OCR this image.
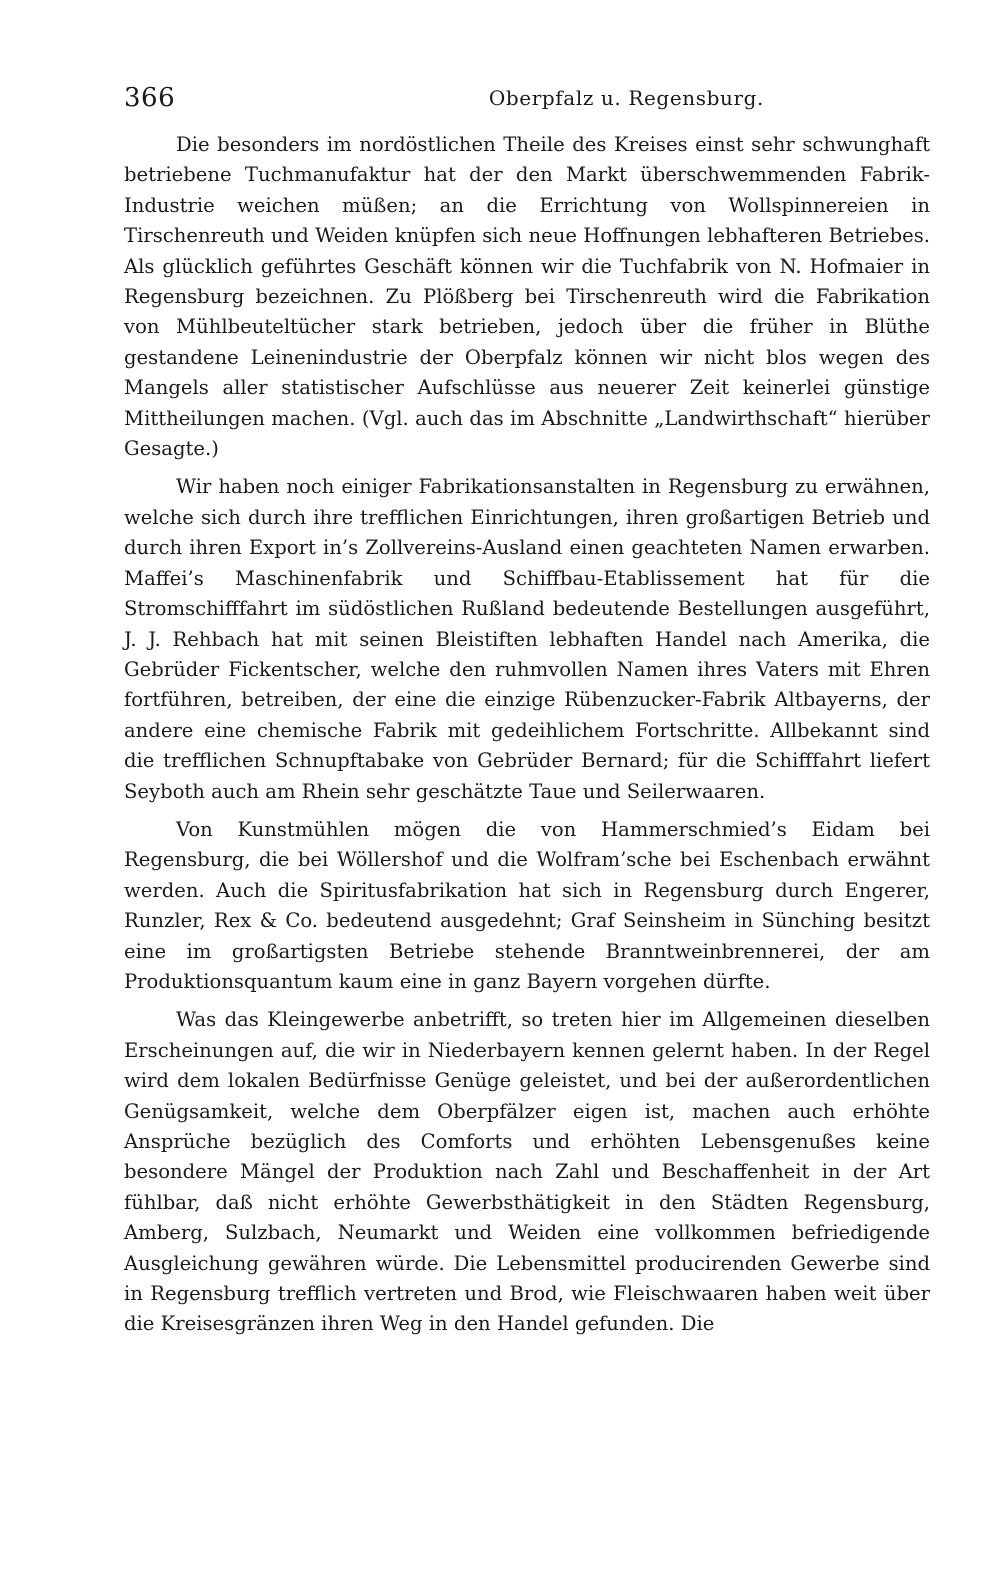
366	Oberpfalz u. Regensburg.

Die besonders im nordöstlichen Theile des Kreises einst sehr schwunghaft betriebene Tuchmanufaktur hat der den Markt überschwemmenden Fabrik-Industrie weichen müßen; an die Errichtung von Wollspinnereien in Tirschenreuth und Weiden knüpfen sich neue Hoffnungen lebhafteren Betriebes. Als glücklich geführtes Geschäft können wir die Tuchfabrik von N. Hofmaier in Regensburg bezeichnen. Zu Plößberg bei Tirschenreuth wird die Fabrikation von Mühlbeuteltücher stark betrieben, jedoch über die früher in Blüthe gestandene Leinenindustrie der Oberpfalz können wir nicht blos wegen des Mangels aller statistischer Aufschlüsse aus neuerer Zeit keinerlei günstige Mittheilungen machen. (Vgl. auch das im Abschnitte „Landwirthschaft“ hierüber Gesagte.)

Wir haben noch einiger Fabrikationsanstalten in Regensburg zu erwähnen, welche sich durch ihre trefflichen Einrichtungen, ihren großartigen Betrieb und durch ihren Export in’s Zollvereins-Ausland einen geachteten Namen erwarben. Maffei’s Maschinenfabrik und Schiffbau-Etablissement hat für die Stromschifffahrt im südöstlichen Rußland bedeutende Bestellungen ausgeführt, J. J. Rehbach hat mit seinen Bleistiften lebhaften Handel nach Amerika, die Gebrüder Fickentscher, welche den ruhmvollen Namen ihres Vaters mit Ehren fortführen, betreiben, der eine die einzige Rübenzucker-Fabrik Altbayerns, der andere eine chemische Fabrik mit gedeihlichem Fortschritte. Allbekannt sind die trefflichen Schnupftabake von Gebrüder Bernard; für die Schifffahrt liefert Seyboth auch am Rhein sehr geschätzte Taue und Seilerwaaren.

Von Kunstmühlen mögen die von Hammerschmied’s Eidam bei Regensburg, die bei Wöllershof und die Wolfram’sche bei Eschenbach erwähnt werden. Auch die Spiritusfabrikation hat sich in Regensburg durch Engerer, Runzler, Rex & Co. bedeutend ausgedehnt; Graf Seinsheim in Sünching besitzt eine im großartigsten Betriebe stehende Branntweinbrennerei, der am Produktionsquantum kaum eine in ganz Bayern vorgehen dürfte.

Was das Kleingewerbe anbetrifft, so treten hier im Allgemeinen dieselben Erscheinungen auf, die wir in Niederbayern kennen gelernt haben. In der Regel wird dem lokalen Bedürfnisse Genüge geleistet, und bei der außerordentlichen Genügsamkeit, welche dem Oberpfälzer eigen ist, machen auch erhöhte Ansprüche bezüglich des Comforts und erhöhten Lebensgenußes keine besondere Mängel der Produktion nach Zahl und Beschaffenheit in der Art fühlbar, daß nicht erhöhte Gewerbsthätigkeit in den Städten Regensburg, Amberg, Sulzbach, Neumarkt und Weiden eine vollkommen befriedigende Ausgleichung gewähren würde. Die Lebensmittel producirenden Gewerbe sind in Regensburg trefflich vertreten und Brod, wie Fleischwaaren haben weit über die Kreisesgränzen ihren Weg in den Handel gefunden. Die
